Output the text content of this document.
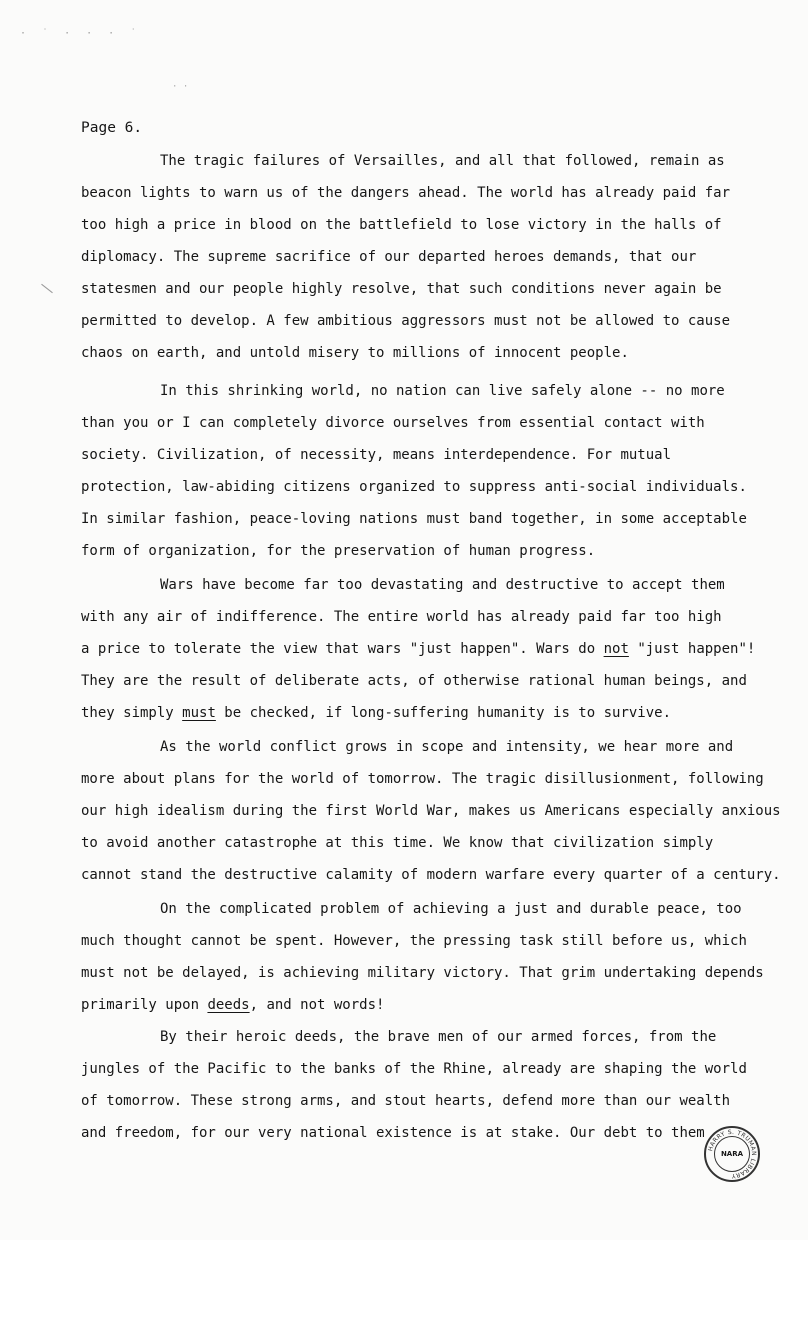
· ˙ · · · ˙
· ·
Page 6.
The tragic failures of Versailles, and all that followed, remain as
beacon lights to warn us of the dangers ahead. The world has already paid far
too high a price in blood on the battlefield to lose victory in the halls of
diplomacy. The supreme sacrifice of our departed heroes demands, that our
statesmen and our people highly resolve, that such conditions never again be
permitted to develop. A few ambitious aggressors must not be allowed to cause
chaos on earth, and untold misery to millions of innocent people.
In this shrinking world, no nation can live safely alone -- no more
than you or I can completely divorce ourselves from essential contact with
society. Civilization, of necessity, means interdependence. For mutual
protection, law-abiding citizens organized to suppress anti-social individuals.
In similar fashion, peace-loving nations must band together, in some acceptable
form of organization, for the preservation of human progress.
Wars have become far too devastating and destructive to accept them
with any air of indifference. The entire world has already paid far too high
a price to tolerate the view that wars "just happen". Wars do not "just happen"!
They are the result of deliberate acts, of otherwise rational human beings, and
they simply must be checked, if long-suffering humanity is to survive.
As the world conflict grows in scope and intensity, we hear more and
more about plans for the world of tomorrow. The tragic disillusionment, following
our high idealism during the first World War, makes us Americans especially anxious
to avoid another catastrophe at this time. We know that civilization simply
cannot stand the destructive calamity of modern warfare every quarter of a century.
On the complicated problem of achieving a just and durable peace, too
much thought cannot be spent. However, the pressing task still before us, which
must not be delayed, is achieving military victory. That grim undertaking depends
primarily upon deeds, and not words!
By their heroic deeds, the brave men of our armed forces, from the
jungles of the Pacific to the banks of the Rhine, already are shaping the world
of tomorrow. These strong arms, and stout hearts, defend more than our wealth
and freedom, for our very national existence is at stake. Our debt to them
HARRY S. TRUMAN LIBRARY
NARA
